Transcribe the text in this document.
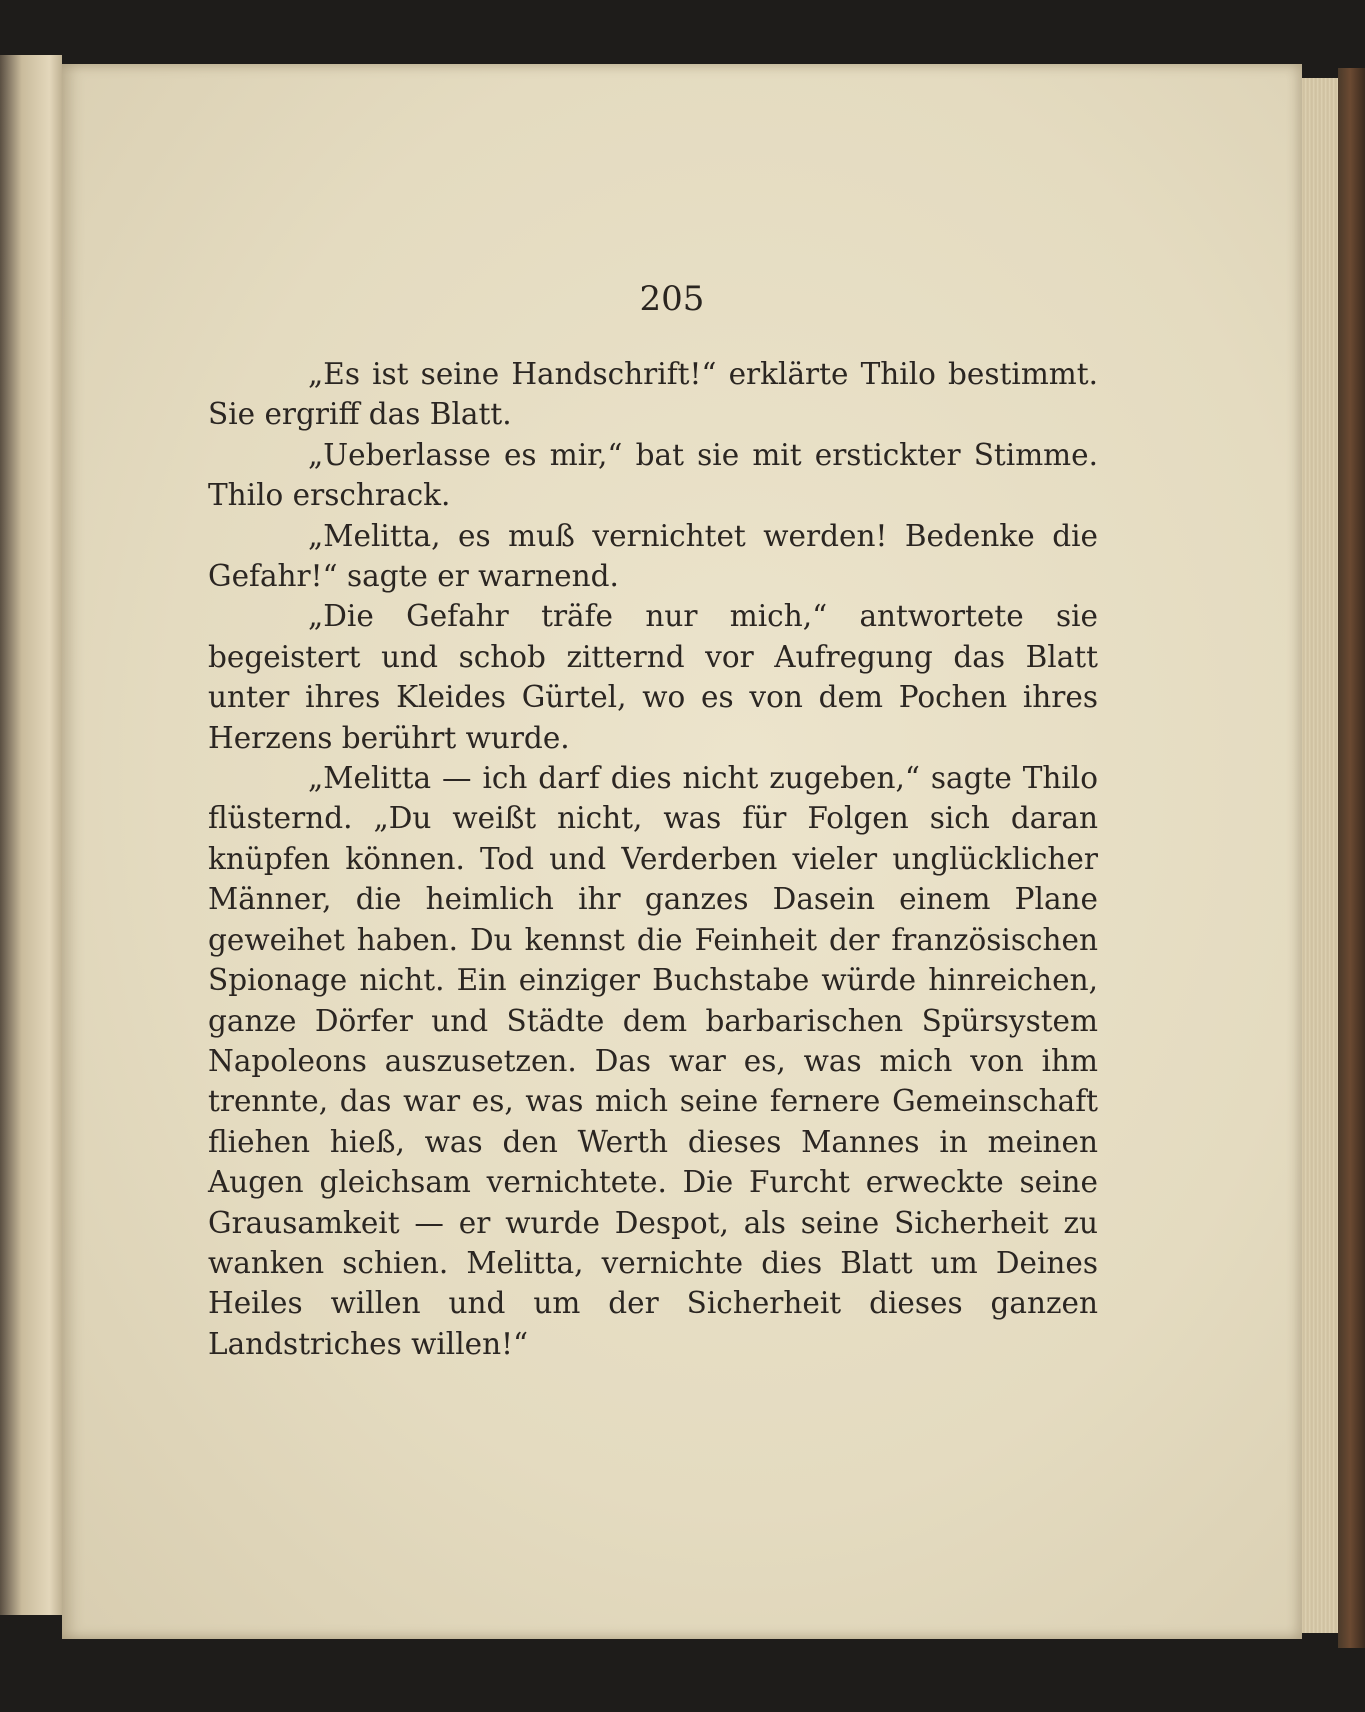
205

„Es ist seine Handschrift!“ erklärte Thilo bestimmt. Sie ergriff das Blatt.

„Ueberlasse es mir,“ bat sie mit erstickter Stimme. Thilo erschrack.

„Melitta, es muß vernichtet werden! Bedenke die Gefahr!“ sagte er warnend.

„Die Gefahr träfe nur mich,“ antwortete sie begeistert und schob zitternd vor Aufregung das Blatt unter ihres Kleides Gürtel, wo es von dem Pochen ihres Herzens berührt wurde.

„Melitta — ich darf dies nicht zugeben,“ sagte Thilo flüsternd. „Du weißt nicht, was für Folgen sich daran knüpfen können. Tod und Verderben vieler unglücklicher Männer, die heimlich ihr ganzes Dasein einem Plane geweihet haben. Du kennst die Feinheit der französischen Spionage nicht. Ein einziger Buchstabe würde hinreichen, ganze Dörfer und Städte dem barbarischen Spürsystem Napoleons auszusetzen. Das war es, was mich von ihm trennte, das war es, was mich seine fernere Gemeinschaft fliehen hieß, was den Werth dieses Mannes in meinen Augen gleichsam vernichtete. Die Furcht erweckte seine Grausamkeit — er wurde Despot, als seine Sicherheit zu wanken schien. Melitta, vernichte dies Blatt um Deines Heiles willen und um der Sicherheit dieses ganzen Landstriches willen!“
